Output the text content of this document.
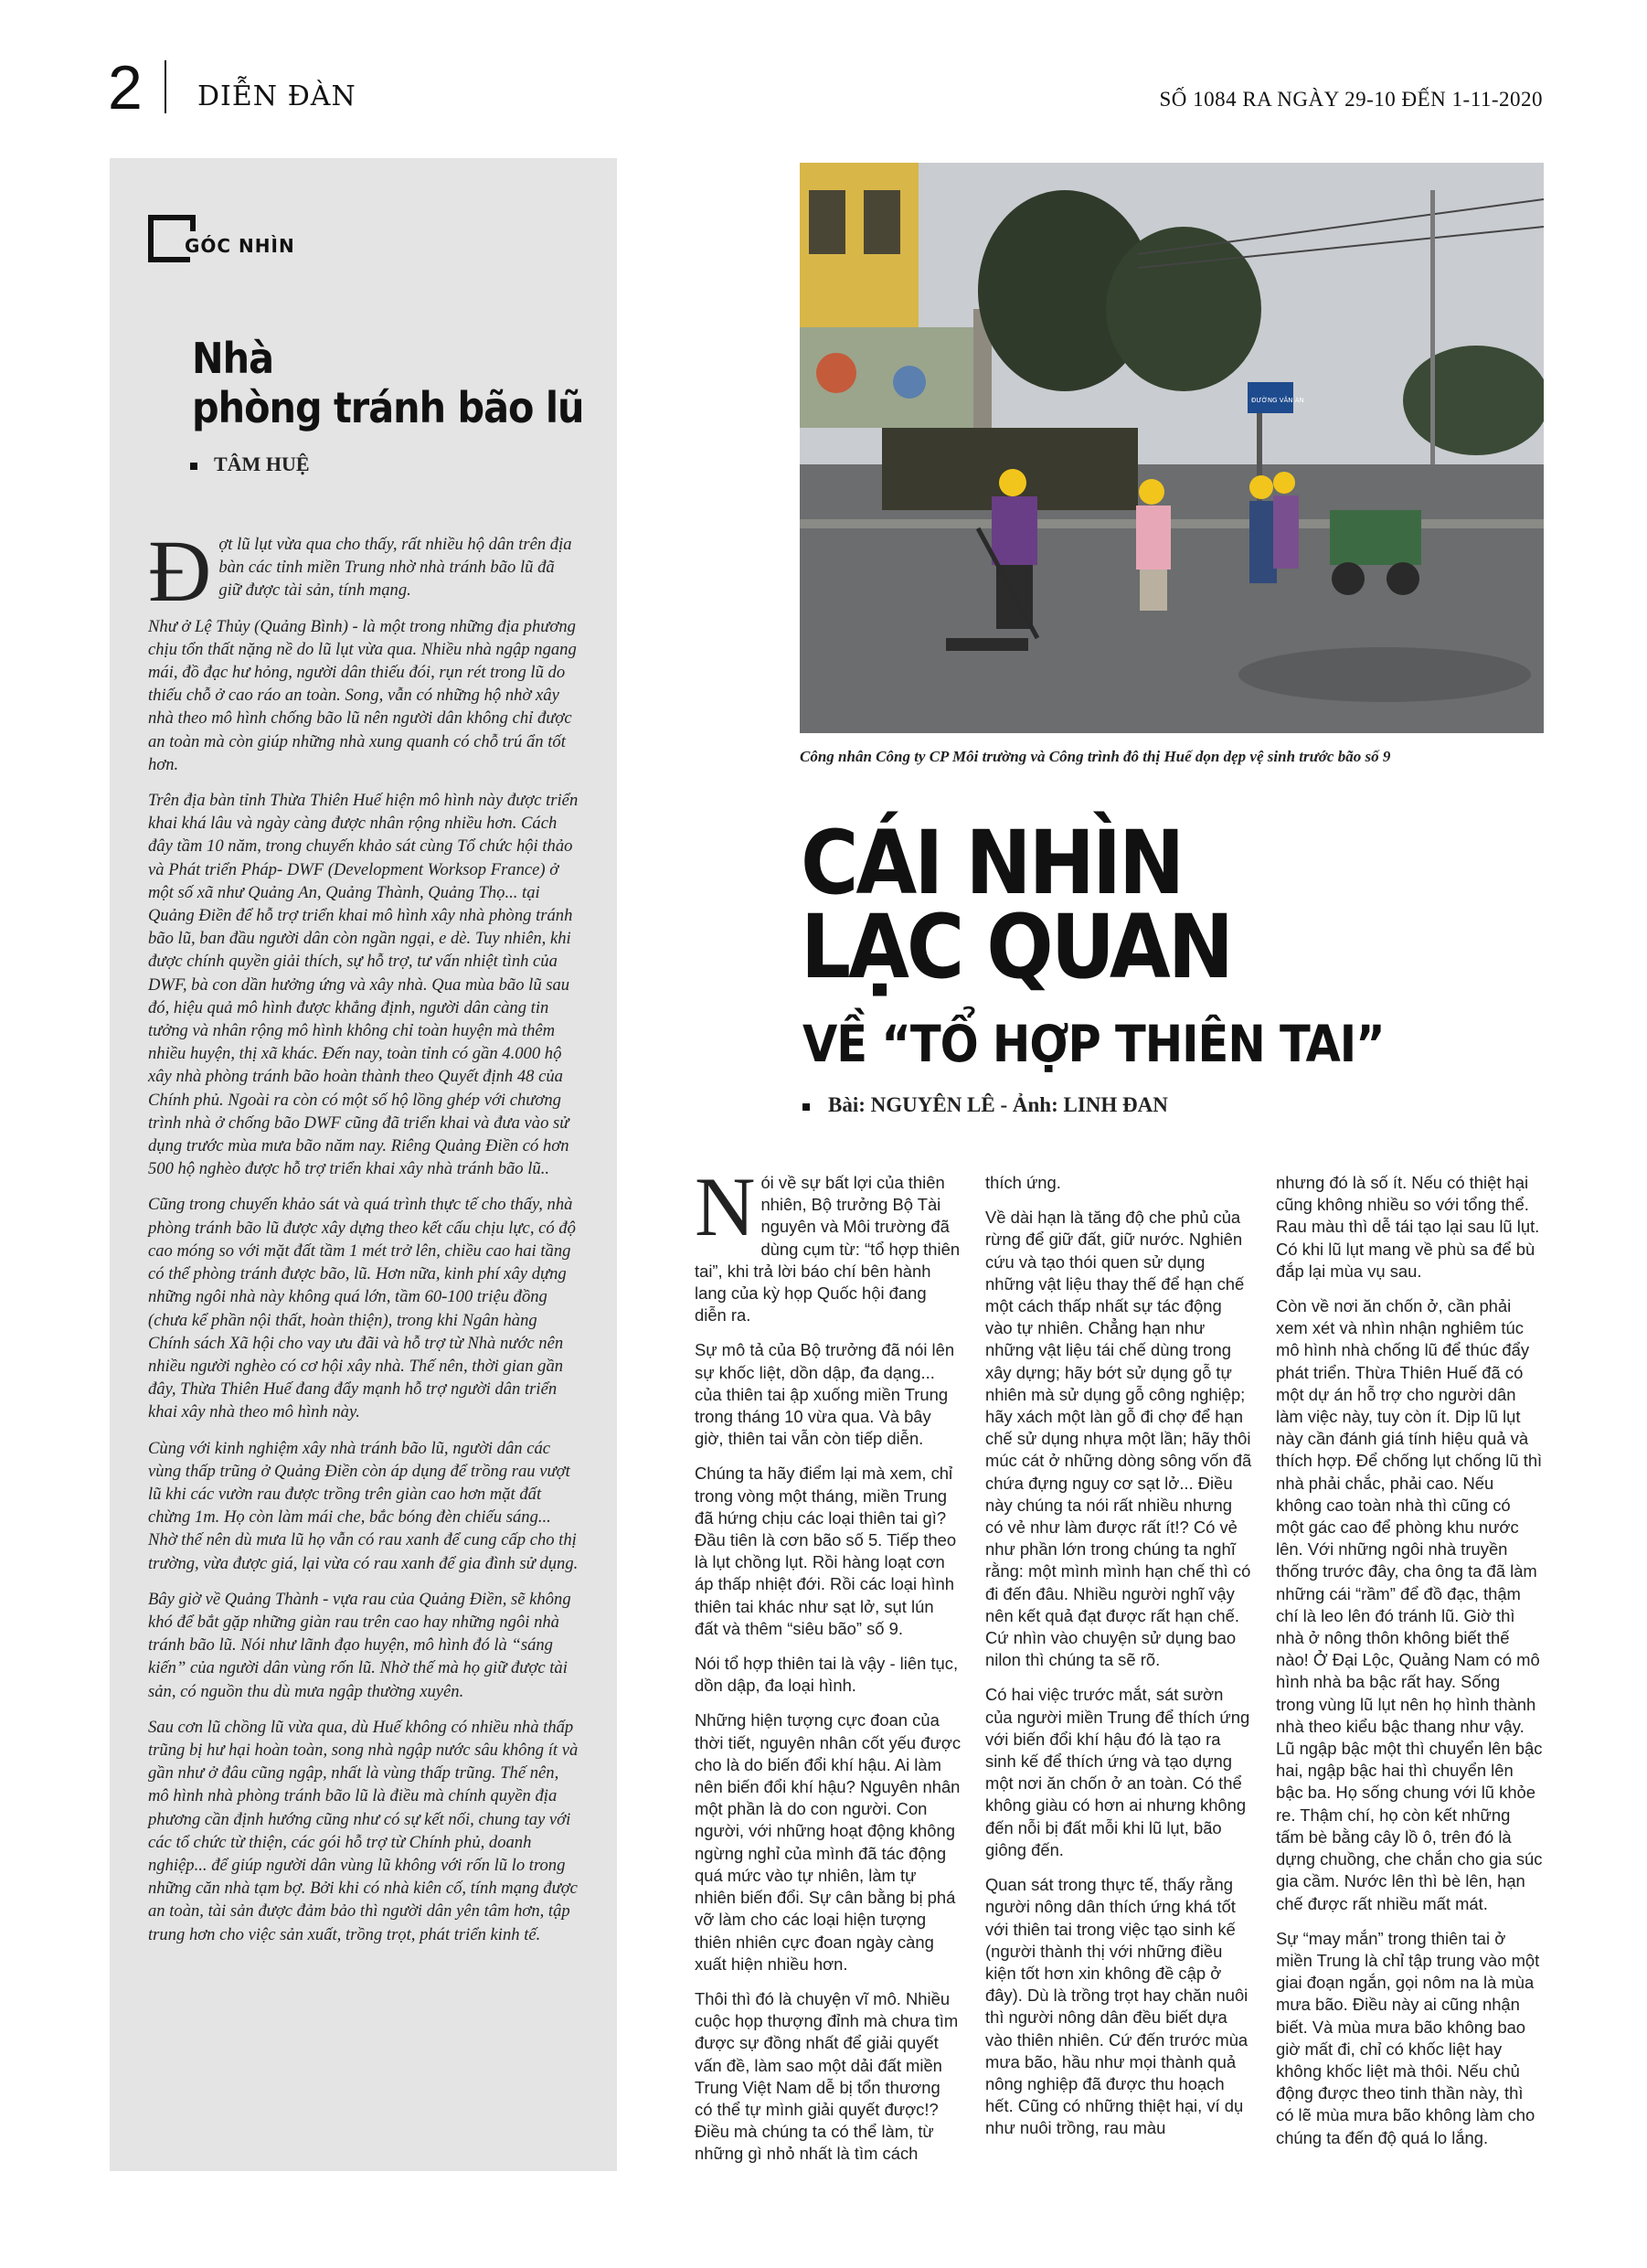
2 DIỄN ĐÀN	SỐ 1084 RA NGÀY 29-10 ĐẾN 1-11-2020
GÓC NHÌN
Nhà
phòng tránh bão lũ
TÂM HUỆ

Đợt lũ lụt vừa qua cho thấy, rất nhiều hộ dân trên địa bàn các tỉnh miền Trung nhờ nhà tránh bão lũ đã giữ được tài sản, tính mạng.

Như ở Lệ Thủy (Quảng Bình) - là một trong những địa phương chịu tổn thất nặng nề do lũ lụt vừa qua. Nhiều nhà ngập ngang mái, đồ đạc hư hỏng, người dân thiếu đói, rụn rét trong lũ do thiếu chỗ ở cao ráo an toàn. Song, vẫn có những hộ nhờ xây nhà theo mô hình chống bão lũ nên người dân không chỉ được an toàn mà còn giúp những nhà xung quanh có chỗ trú ẩn tốt hơn.

Trên địa bàn tỉnh Thừa Thiên Huế hiện mô hình này được triển khai khá lâu và ngày càng được nhân rộng nhiều hơn. Cách đây tầm 10 năm, trong chuyến khảo sát cùng Tổ chức hội thảo và Phát triển Pháp- DWF (Development Worksop France) ở một số xã như Quảng An, Quảng Thành, Quảng Thọ... tại Quảng Điền để hỗ trợ triển khai mô hình xây nhà phòng tránh bão lũ, ban đầu người dân còn ngần ngại, e dè. Tuy nhiên, khi được chính quyền giải thích, sự hỗ trợ, tư vấn nhiệt tình của DWF, bà con dần hưởng ứng và xây nhà. Qua mùa bão lũ sau đó, hiệu quả mô hình được khẳng định, người dân càng tin tưởng và nhân rộng mô hình không chỉ toàn huyện mà thêm nhiều huyện, thị xã khác. Đến nay, toàn tỉnh có gần 4.000 hộ xây nhà phòng tránh bão hoàn thành theo Quyết định 48 của Chính phủ. Ngoài ra còn có một số hộ lồng ghép với chương trình nhà ở chống bão DWF cũng đã triển khai và đưa vào sử dụng trước mùa mưa bão năm nay. Riêng Quảng Điền có hơn 500 hộ nghèo được hỗ trợ triển khai xây nhà tránh bão lũ..

Cũng trong chuyến khảo sát và quá trình thực tế cho thấy, nhà phòng tránh bão lũ được xây dựng theo kết cấu chịu lực, có độ cao móng so với mặt đất tầm 1 mét trở lên, chiều cao hai tầng có thể phòng tránh được bão, lũ. Hơn nữa, kinh phí xây dựng những ngôi nhà này không quá lớn, tầm 60-100 triệu đồng (chưa kể phần nội thất, hoàn thiện), trong khi Ngân hàng Chính sách Xã hội cho vay ưu đãi và hỗ trợ từ Nhà nước nên nhiều người nghèo có cơ hội xây nhà. Thế nên, thời gian gần đây, Thừa Thiên Huế đang đẩy mạnh hỗ trợ người dân triển khai xây nhà theo mô hình này.

Cùng với kinh nghiệm xây nhà tránh bão lũ, người dân các vùng thấp trũng ở Quảng Điền còn áp dụng để trồng rau vượt lũ khi các vườn rau được trồng trên giàn cao hơn mặt đất chừng 1m. Họ còn làm mái che, bắc bóng đèn chiếu sáng... Nhờ thế nên dù mưa lũ họ vẫn có rau xanh để cung cấp cho thị trường, vừa được giá, lại vừa có rau xanh để gia đình sử dụng.

Bây giờ về Quảng Thành - vựa rau của Quảng Điền, sẽ không khó để bắt gặp những giàn rau trên cao hay những ngôi nhà tránh bão lũ. Nói như lãnh đạo huyện, mô hình đó là “sáng kiến” của người dân vùng rốn lũ. Nhờ thế mà họ giữ được tài sản, có nguồn thu dù mưa ngập thường xuyên.

Sau cơn lũ chồng lũ vừa qua, dù Huế không có nhiều nhà thấp trũng bị hư hại hoàn toàn, song nhà ngập nước sâu không ít và gần như ở đâu cũng ngập, nhất là vùng thấp trũng. Thế nên, mô hình nhà phòng tránh bão lũ là điều mà chính quyền địa phương cần định hướng cũng như có sự kết nối, chung tay với các tổ chức từ thiện, các gói hỗ trợ từ Chính phủ, doanh nghiệp... để giúp người dân vùng lũ không với rốn lũ lo trong những căn nhà tạm bợ. Bởi khi có nhà kiên cố, tính mạng được an toàn, tài sản được đảm bảo thì người dân yên tâm hơn, tập trung hơn cho việc sản xuất, trồng trọt, phát triển kinh tế.

ĐƯỜNG VĂN AN
Công nhân Công ty CP Môi trường và Công trình đô thị Huế dọn dẹp vệ sinh trước bão số 9
CÁI NHÌN
LẠC QUAN
VỀ “TỔ HỢP THIÊN TAI”
Bài: NGUYÊN LÊ - Ảnh: LINH ĐAN

Nói về sự bất lợi của thiên nhiên, Bộ trưởng Bộ Tài nguyên và Môi trường đã dùng cụm từ: “tổ hợp thiên tai”, khi trả lời báo chí bên hành lang của kỳ họp Quốc hội đang diễn ra.

Sự mô tả của Bộ trưởng đã nói lên sự khốc liệt, dồn dập, đa dạng... của thiên tai ập xuống miền Trung trong tháng 10 vừa qua. Và bây giờ, thiên tai vẫn còn tiếp diễn.

Chúng ta hãy điểm lại mà xem, chỉ trong vòng một tháng, miền Trung đã hứng chịu các loại thiên tai gì? Đầu tiên là cơn bão số 5. Tiếp theo là lụt chồng lụt. Rồi hàng loạt cơn áp thấp nhiệt đới. Rồi các loại hình thiên tai khác như sạt lở, sụt lún đất và thêm “siêu bão” số 9.

Nói tổ hợp thiên tai là vậy - liên tục, dồn dập, đa loại hình.

Những hiện tượng cực đoan của thời tiết, nguyên nhân cốt yếu được cho là do biến đổi khí hậu. Ai làm nên biến đổi khí hậu? Nguyên nhân một phần là do con người. Con người, với những hoạt động không ngừng nghỉ của mình đã tác động quá mức vào tự nhiên, làm tự nhiên biến đổi. Sự cân bằng bị phá vỡ làm cho các loại hiện tượng thiên nhiên cực đoan ngày càng xuất hiện nhiều hơn.

Thôi thì đó là chuyện vĩ mô. Nhiều cuộc họp thượng đỉnh mà chưa tìm được sự đồng nhất để giải quyết vấn đề, làm sao một dải đất miền Trung Việt Nam dễ bị tổn thương có thể tự mình giải quyết được!? Điều mà chúng ta có thể làm, từ những gì nhỏ nhất là tìm cách

thích ứng.

Về dài hạn là tăng độ che phủ của rừng để giữ đất, giữ nước. Nghiên cứu và tạo thói quen sử dụng những vật liệu thay thế để hạn chế một cách thấp nhất sự tác động vào tự nhiên. Chẳng hạn như những vật liệu tái chế dùng trong xây dựng; hãy bớt sử dụng gỗ tự nhiên mà sử dụng gỗ công nghiệp; hãy xách một làn gỗ đi chợ để hạn chế sử dụng nhựa một lần; hãy thôi múc cát ở những dòng sông vốn đã chứa đựng nguy cơ sạt lở... Điều này chúng ta nói rất nhiều nhưng có vẻ như làm được rất ít!? Có vẻ như phần lớn trong chúng ta nghĩ rằng: một mình mình hạn chế thì có đi đến đâu. Nhiều người nghĩ vậy nên kết quả đạt được rất hạn chế. Cứ nhìn vào chuyện sử dụng bao nilon thì chúng ta sẽ rõ.

Có hai việc trước mắt, sát sườn của người miền Trung để thích ứng với biến đổi khí hậu đó là tạo ra sinh kế để thích ứng và tạo dựng một nơi ăn chốn ở an toàn. Có thể không giàu có hơn ai nhưng không đến nỗi bị đất mỗi khi lũ lụt, bão giông đến.

Quan sát trong thực tế, thấy rằng người nông dân thích ứng khá tốt với thiên tai trong việc tạo sinh kế (người thành thị với những điều kiện tốt hơn xin không đề cập ở đây). Dù là trồng trọt hay chăn nuôi thì người nông dân đều biết dựa vào thiên nhiên. Cứ đến trước mùa mưa bão, hầu như mọi thành quả nông nghiệp đã được thu hoạch hết. Cũng có những thiệt hại, ví dụ như nuôi trồng, rau màu

nhưng đó là số ít. Nếu có thiệt hại cũng không nhiều so với tổng thể. Rau màu thì dễ tái tạo lại sau lũ lụt. Có khi lũ lụt mang về phù sa để bù đắp lại mùa vụ sau.

Còn về nơi ăn chốn ở, cần phải xem xét và nhìn nhận nghiêm túc mô hình nhà chống lũ để thúc đẩy phát triển. Thừa Thiên Huế đã có một dự án hỗ trợ cho người dân làm việc này, tuy còn ít. Dịp lũ lụt này cần đánh giá tính hiệu quả và thích hợp. Để chống lụt chống lũ thì nhà phải chắc, phải cao. Nếu không cao toàn nhà thì cũng có một gác cao để phòng khu nước lên. Với những ngôi nhà truyền thống trước đây, cha ông ta đã làm những cái “rầm” để đồ đạc, thậm chí là leo lên đó tránh lũ. Giờ thì nhà ở nông thôn không biết thế nào! Ở Đại Lộc, Quảng Nam có mô hình nhà ba bậc rất hay. Sống trong vùng lũ lụt nên họ hình thành nhà theo kiểu bậc thang như vậy. Lũ ngập bậc một thì chuyển lên bậc hai, ngập bậc hai thì chuyển lên bậc ba. Họ sống chung với lũ khỏe re. Thậm chí, họ còn kết những tấm bè bằng cây lồ ô, trên đó là dựng chuồng, che chắn cho gia súc gia cầm. Nước lên thì bè lên, hạn chế được rất nhiều mất mát.

Sự “may mắn” trong thiên tai ở miền Trung là chỉ tập trung vào một giai đoạn ngắn, gọi nôm na là mùa mưa bão. Điều này ai cũng nhận biết. Và mùa mưa bão không bao giờ mất đi, chỉ có khốc liệt hay không khốc liệt mà thôi. Nếu chủ động được theo tinh thần này, thì có lẽ mùa mưa bão không làm cho chúng ta đến độ quá lo lắng.
